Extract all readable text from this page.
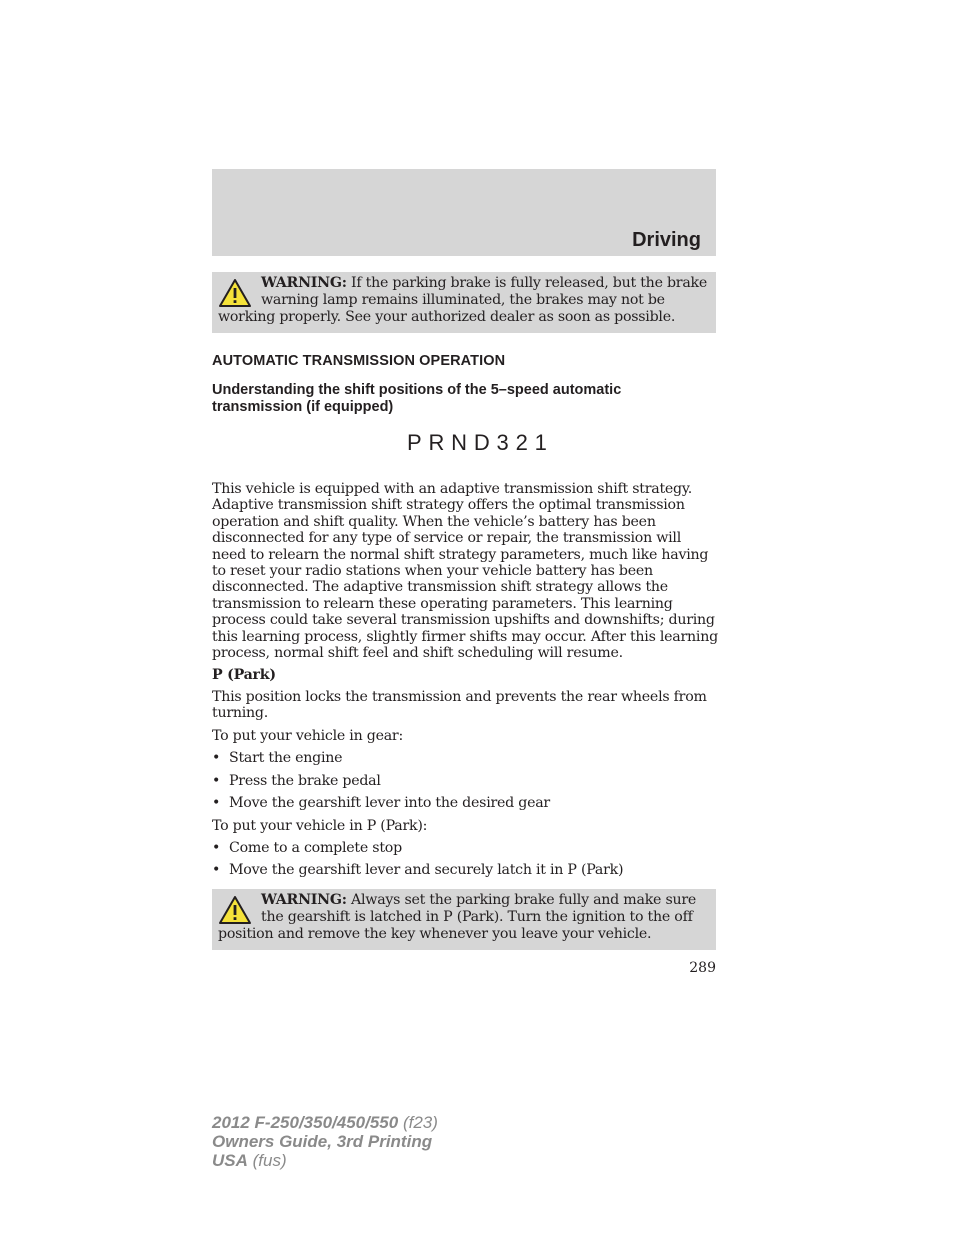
Driving
WARNING: If the parking brake is fully released, but the brake warning lamp remains illuminated, the brakes may not be working properly. See your authorized dealer as soon as possible.
AUTOMATIC TRANSMISSION OPERATION
Understanding the shift positions of the 5–speed automatic transmission (if equipped)
PRND321
This vehicle is equipped with an adaptive transmission shift strategy. Adaptive transmission shift strategy offers the optimal transmission operation and shift quality. When the vehicle’s battery has been disconnected for any type of service or repair, the transmission will need to relearn the normal shift strategy parameters, much like having to reset your radio stations when your vehicle battery has been disconnected. The adaptive transmission shift strategy allows the transmission to relearn these operating parameters. This learning process could take several transmission upshifts and downshifts; during this learning process, slightly firmer shifts may occur. After this learning process, normal shift feel and shift scheduling will resume.
P (Park)
This position locks the transmission and prevents the rear wheels from turning.
To put your vehicle in gear:
• Start the engine
• Press the brake pedal
• Move the gearshift lever into the desired gear
To put your vehicle in P (Park):
• Come to a complete stop
• Move the gearshift lever and securely latch it in P (Park)
WARNING: Always set the parking brake fully and make sure the gearshift is latched in P (Park). Turn the ignition to the off position and remove the key whenever you leave your vehicle.
289
2012 F-250/350/450/550 (f23)
Owners Guide, 3rd Printing
USA (fus)
